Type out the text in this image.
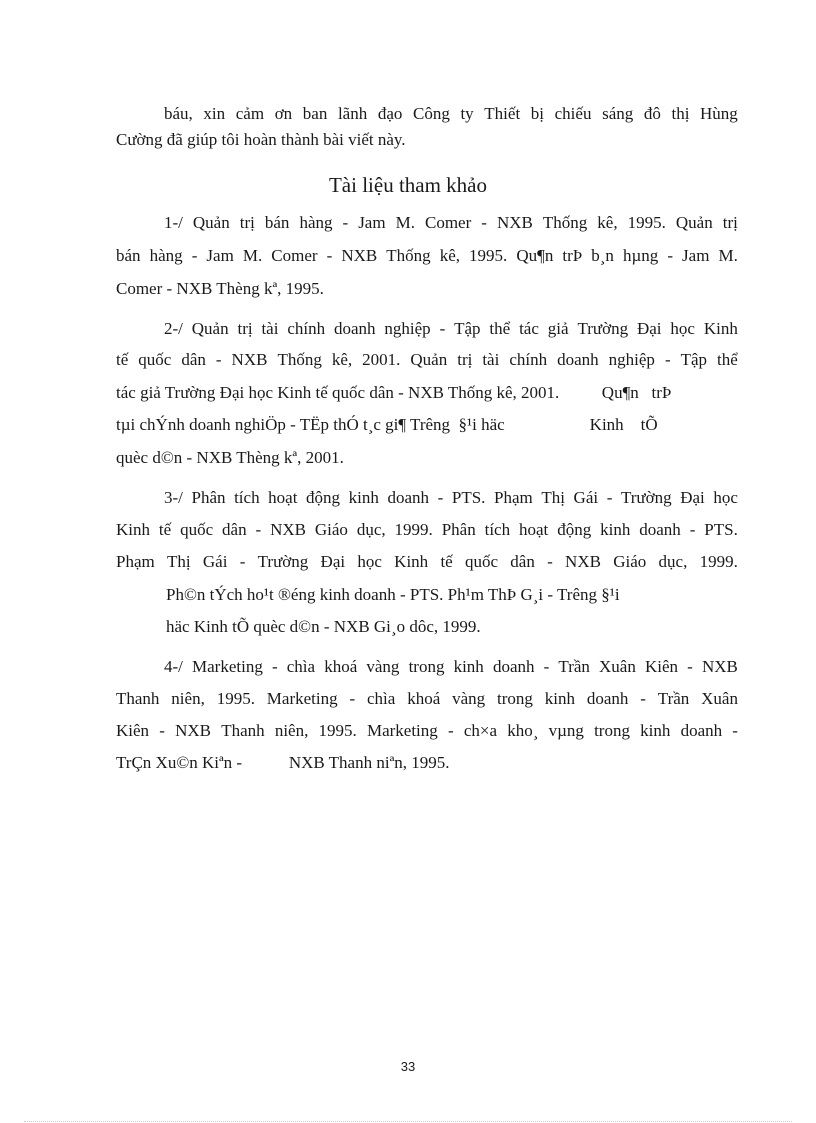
báu, xin cảm ơn ban lãnh đạo Công ty Thiết bị chiếu sáng đô thị Hùng
Cường đã giúp tôi hoàn thành bài viết này.
Tài liệu tham khảo
1-/ Quản trị bán hàng - Jam M. Comer - NXB Thống kê, 1995. Quản trị
bán hàng - Jam M. Comer - NXB Thống kê, 1995. Qu¶n trÞ b¸n hµng - Jam M.
Comer - NXB Thèng kª, 1995.
2-/ Quản trị tài chính doanh nghiệp - Tập thể tác giả Trường Đại học Kinh
tế quốc dân - NXB Thống kê, 2001. Quản trị tài chính doanh nghiệp - Tập thể
tác giả Trường Đại học Kinh tế quốc dân - NXB Thống kê, 2001.          Qu¶n   trÞ
tµi chÝnh doanh nghiÖp - TËp thÓ t¸c gi¶ Trêng  §¹i häc                    Kinh    tÕ
quèc d©n - NXB Thèng kª, 2001.
3-/ Phân tích hoạt động kinh doanh - PTS. Phạm Thị Gái - Trường Đại học
Kinh tế quốc dân - NXB Giáo dục, 1999. Phân tích hoạt động kinh doanh - PTS.
Phạm Thị Gái - Trường Đại học Kinh tế quốc dân - NXB Giáo dục, 1999.
Ph©n tÝch ho¹t ®éng kinh doanh - PTS. Ph¹m ThÞ G¸i - Trêng §¹i
häc Kinh tÕ quèc d©n - NXB Gi¸o dôc, 1999.
4-/ Marketing - chìa khoá vàng trong kinh doanh - Trần Xuân Kiên - NXB
Thanh niên, 1995. Marketing - chìa khoá vàng trong kinh doanh - Trần Xuân
Kiên - NXB Thanh niên, 1995. Marketing - ch×a kho¸ vµng trong kinh doanh -
TrÇn Xu©n Kiªn -           NXB Thanh niªn, 1995.
33
